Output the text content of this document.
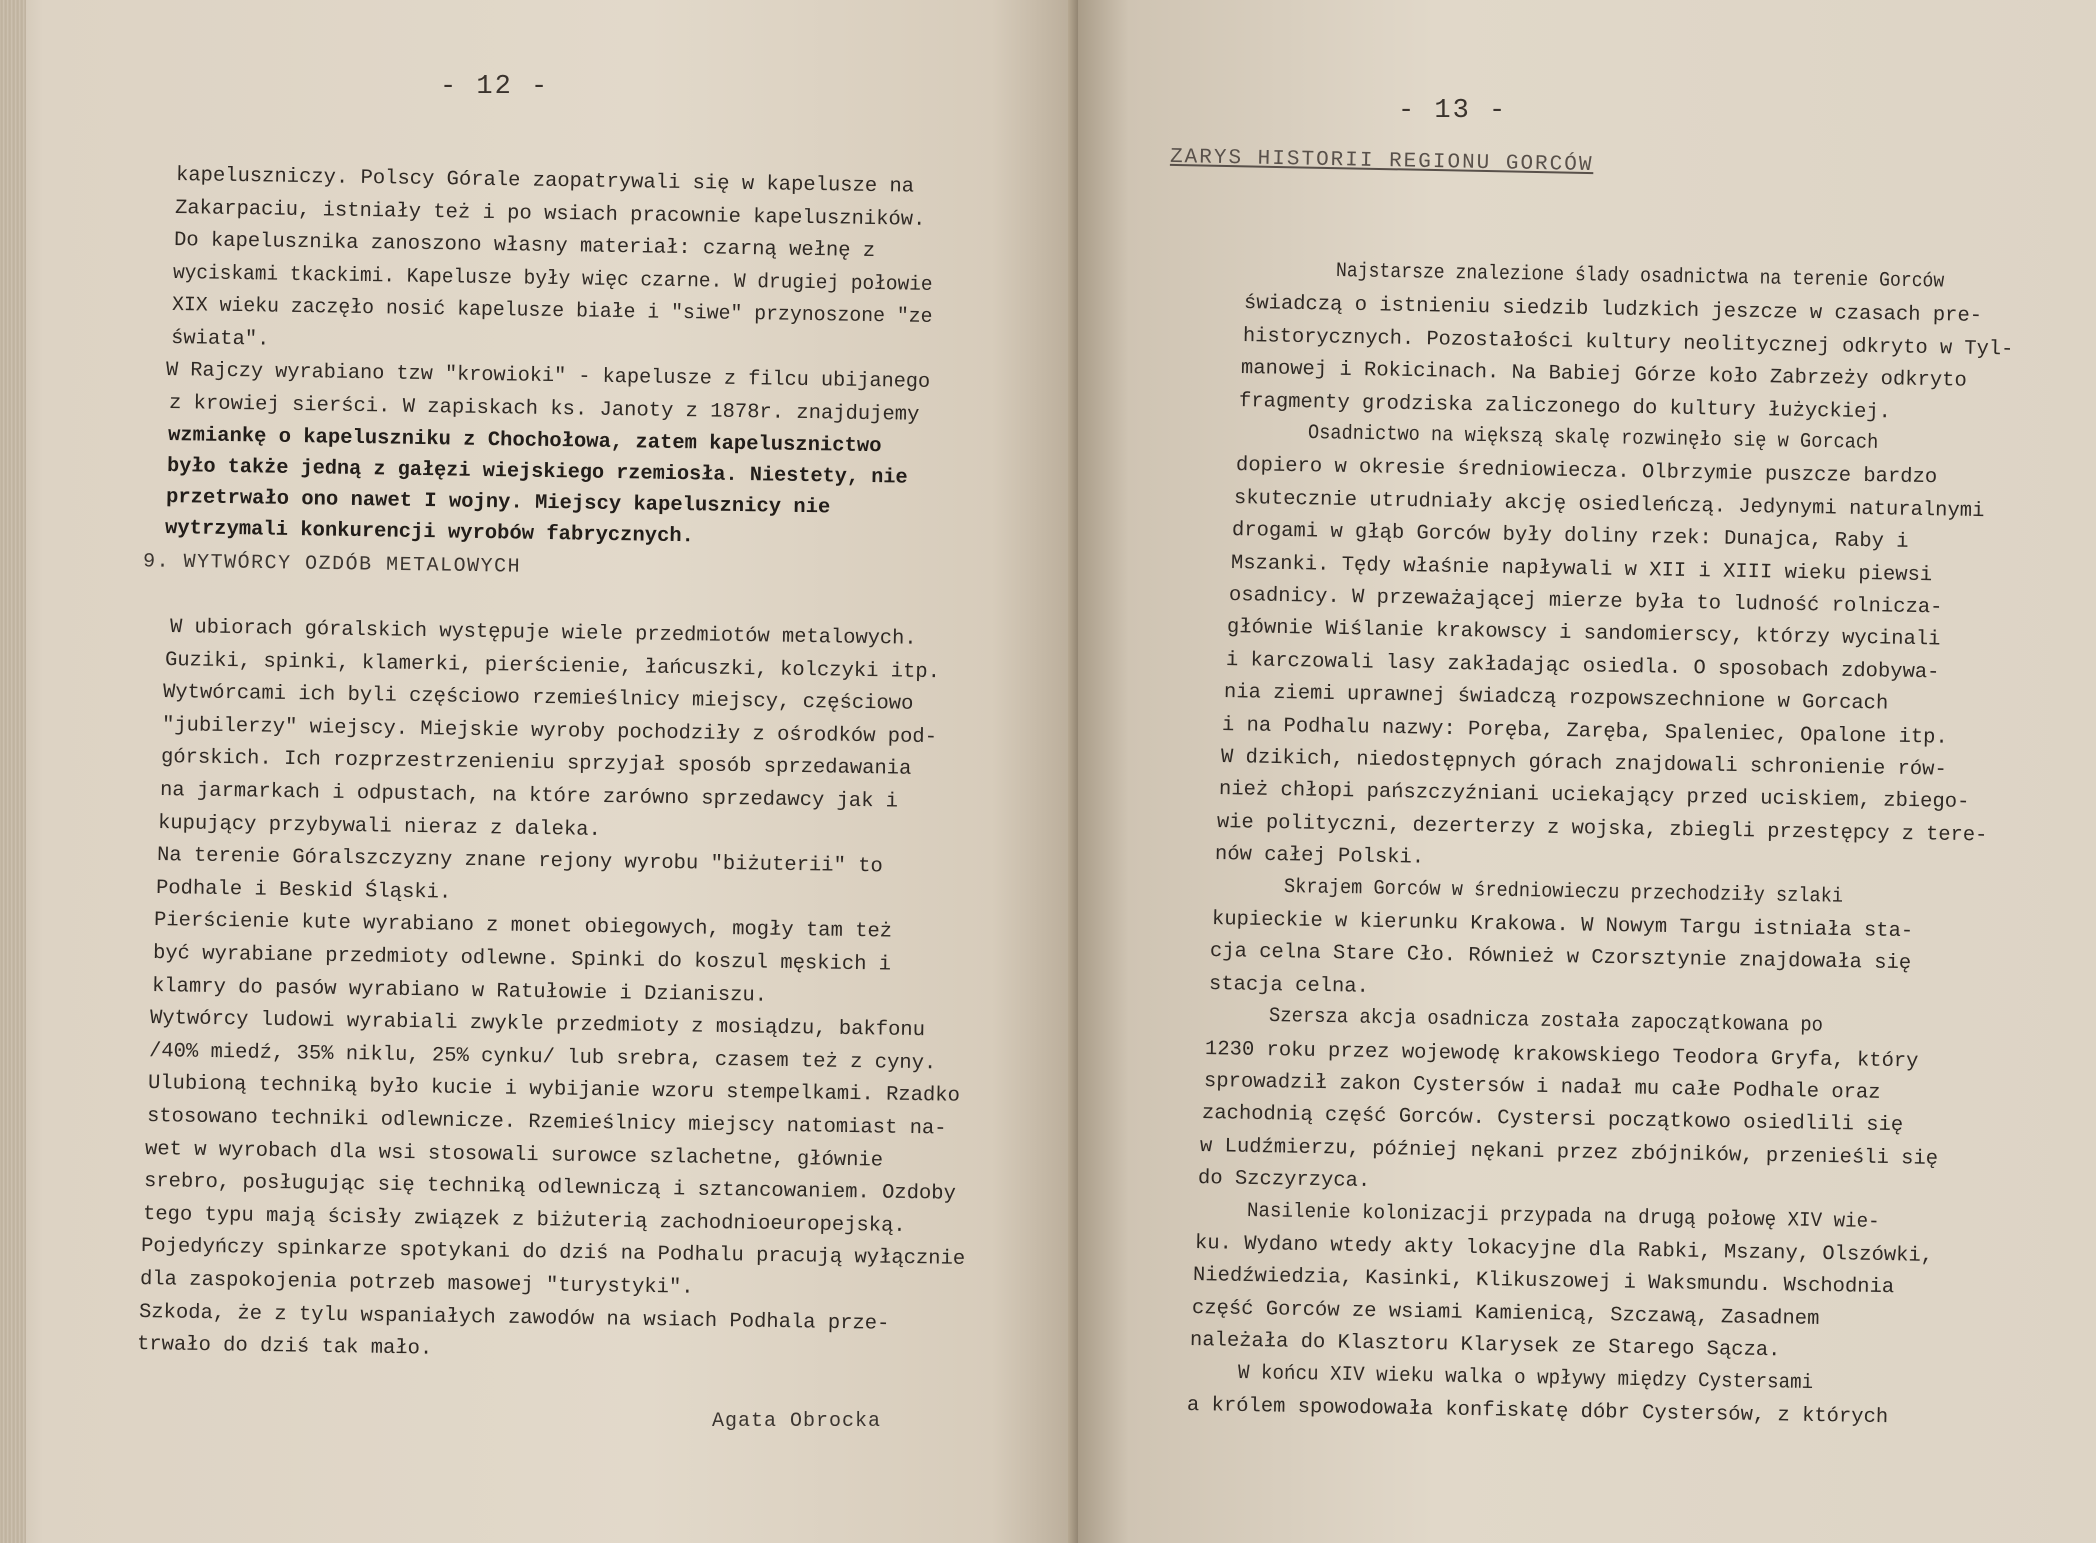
- 12 -
kapeluszniczy. Polscy Górale zaopatrywali się w kapelusze na
Zakarpaciu, istniały też i po wsiach pracownie kapeluszników.
Do kapelusznika zanoszono własny materiał: czarną wełnę z
wyciskami tkackimi. Kapelusze były więc czarne. W drugiej połowie
XIX wieku zaczęło nosić kapelusze białe i "siwe" przynoszone "ze
świata".
W Rajczy wyrabiano tzw "krowioki" - kapelusze z filcu ubijanego
z krowiej sierści. W zapiskach ks. Janoty z 1878r. znajdujemy
wzmiankę o kapeluszniku z Chochołowa, zatem kapelusznictwo
było także jedną z gałęzi wiejskiego rzemiosła. Niestety, nie
przetrwało ono nawet I wojny. Miejscy kapelusznicy nie
wytrzymali konkurencji wyrobów fabrycznych.
W ubiorach góralskich występuje wiele przedmiotów metalowych.
Guziki, spinki, klamerki, pierścienie, łańcuszki, kolczyki itp.
Wytwórcami ich byli częściowo rzemieślnicy miejscy, częściowo
"jubilerzy" wiejscy. Miejskie wyroby pochodziły z ośrodków pod-
górskich. Ich rozprzestrzenieniu sprzyjał sposób sprzedawania
na jarmarkach i odpustach, na które zarówno sprzedawcy jak i
kupujący przybywali nieraz z daleka.
Na terenie Góralszczyzny znane rejony wyrobu "biżuterii" to
Podhale i Beskid Śląski.
Pierścienie kute wyrabiano z monet obiegowych, mogły tam też
być wyrabiane przedmioty odlewne. Spinki do koszul męskich i
klamry do pasów wyrabiano w Ratułowie i Dzianiszu.
Wytwórcy ludowi wyrabiali zwykle przedmioty z mosiądzu, bakfonu
/40% miedź, 35% niklu, 25% cynku/ lub srebra, czasem też z cyny.
Ulubioną techniką było kucie i wybijanie wzoru stempelkami. Rzadko
stosowano techniki odlewnicze. Rzemieślnicy miejscy natomiast na-
wet w wyrobach dla wsi stosowali surowce szlachetne, głównie
srebro, posługując się techniką odlewniczą i sztancowaniem. Ozdoby
tego typu mają ścisły związek z biżuterią zachodnioeuropejską.
Pojedyńczy spinkarze spotykani do dziś na Podhalu pracują wyłącznie
dla zaspokojenia potrzeb masowej "turystyki".
Szkoda, że z tylu wspaniałych zawodów na wsiach Podhala prze-
trwało do dziś tak mało.
9. WYTWÓRCY OZDÓB METALOWYCH
Agata Obrocka
- 13 -
ZARYS HISTORII REGIONU GORCÓW
Najstarsze znalezione ślady osadnictwa na terenie Gorców
świadczą o istnieniu siedzib ludzkich jeszcze w czasach pre-
historycznych. Pozostałości kultury neolitycznej odkryto w Tyl-
manowej i Rokicinach. Na Babiej Górze koło Zabrzeży odkryto
fragmenty grodziska zaliczonego do kultury łużyckiej.
Osadnictwo na większą skalę rozwinęło się w Gorcach
dopiero w okresie średniowiecza. Olbrzymie puszcze bardzo
skutecznie utrudniały akcję osiedleńczą. Jedynymi naturalnymi
drogami w głąb Gorców były doliny rzek: Dunajca, Raby i
Mszanki. Tędy właśnie napływali w XII i XIII wieku piewsi
osadnicy. W przeważającej mierze była to ludność rolnicza-
głównie Wiślanie krakowscy i sandomierscy, którzy wycinali
i karczowali lasy zakładając osiedla. O sposobach zdobywa-
nia ziemi uprawnej świadczą rozpowszechnione w Gorcach
i na Podhalu nazwy: Poręba, Zaręba, Spaleniec, Opalone itp.
W dzikich, niedostępnych górach znajdowali schronienie rów-
nież chłopi pańszczyźniani uciekający przed uciskiem, zbiego-
wie polityczni, dezerterzy z wojska, zbiegli przestępcy z tere-
nów całej Polski.
Skrajem Gorców w średniowieczu przechodziły szlaki
kupieckie w kierunku Krakowa. W Nowym Targu istniała sta-
cja celna Stare Cło. Również w Czorsztynie znajdowała się
stacja celna.
Szersza akcja osadnicza została zapoczątkowana po
1230 roku przez wojewodę krakowskiego Teodora Gryfa, który
sprowadził zakon Cystersów i nadał mu całe Podhale oraz
zachodnią część Gorców. Cystersi początkowo osiedlili się
w Ludźmierzu, później nękani przez zbójników, przenieśli się
do Szczyrzyca.
Nasilenie kolonizacji przypada na drugą połowę XIV wie-
ku. Wydano wtedy akty lokacyjne dla Rabki, Mszany, Olszówki,
Niedźwiedzia, Kasinki, Klikuszowej i Waksmundu. Wschodnia
część Gorców ze wsiami Kamienicą, Szczawą, Zasadnem
należała do Klasztoru Klarysek ze Starego Sącza.
W końcu XIV wieku walka o wpływy między Cystersami
a królem spowodowała konfiskatę dóbr Cystersów, z których
